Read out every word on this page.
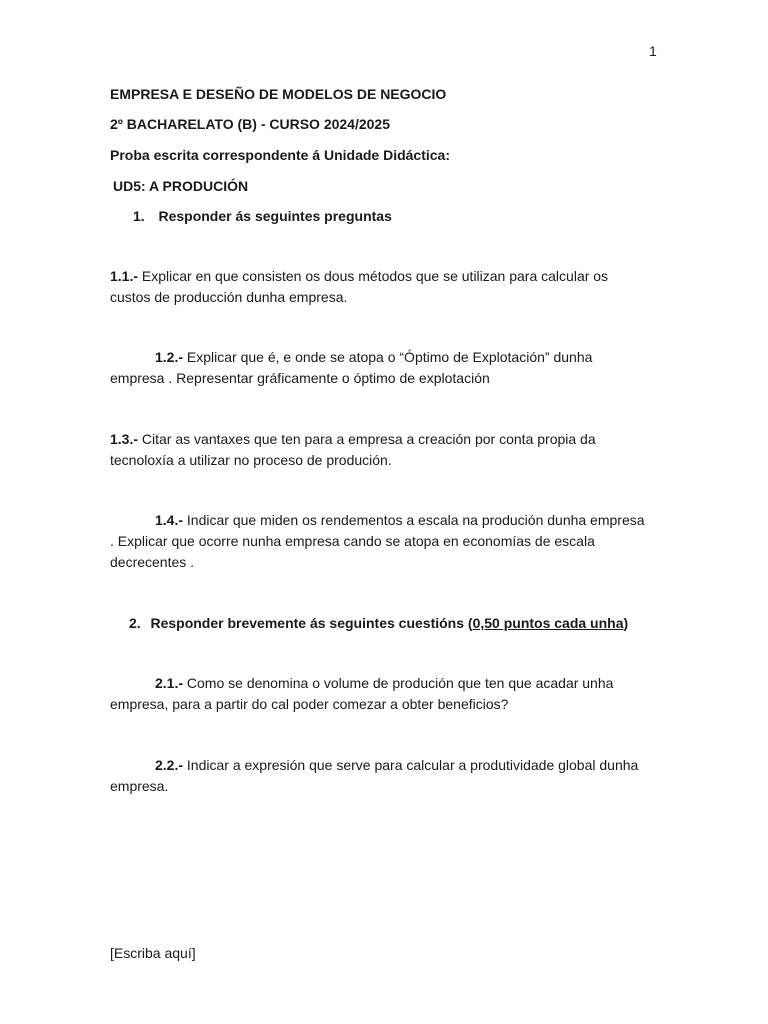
1
EMPRESA E DESEÑO DE MODELOS DE NEGOCIO
2º BACHARELATO (B) - CURSO 2024/2025
Proba escrita correspondente á Unidade Didáctica:
UD5: A PRODUCIÓN
1. Responder ás seguintes preguntas

1.1.- Explicar en que consisten os dous métodos que se utilizan para calcular os custos de producción dunha empresa.

1.2.- Explicar que é, e onde se atopa o “Óptimo de Explotación” dunha empresa . Representar gráficamente o óptimo de explotación

1.3.- Citar as vantaxes que ten para a empresa a creación por conta propia da tecnoloxía a utilizar no proceso de produción.

1.4.- Indicar que miden os rendementos a escala na produción dunha empresa . Explicar que ocorre nunha empresa cando se atopa en economías de escala decrecentes .

2. Responder brevemente ás seguintes cuestións (0,50 puntos cada unha)

2.1.- Como se denomina o volume de produción que ten que acadar unha empresa, para a partir do cal poder comezar a obter beneficios?

2.2.- Indicar a expresión que serve para calcular a produtividade global dunha empresa.

[Escriba aquí]
